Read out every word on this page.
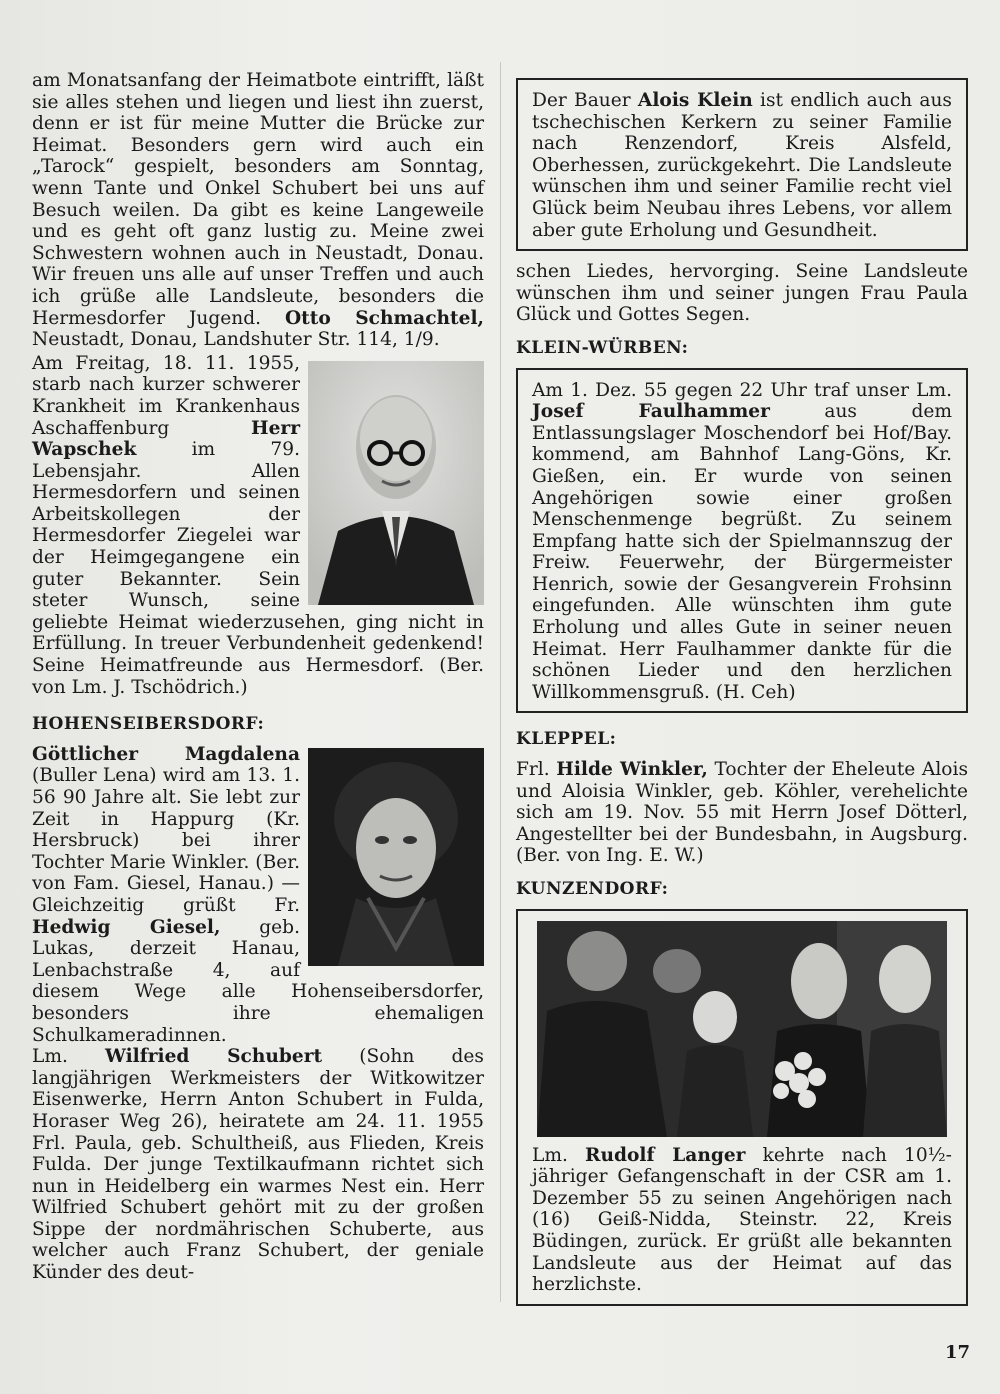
am Monatsanfang der Heimatbote eintrifft, läßt sie alles stehen und liegen und liest ihn zuerst, denn er ist für meine Mutter die Brücke zur Heimat. Besonders gern wird auch ein „Tarock“ gespielt, besonders am Sonntag, wenn Tante und Onkel Schubert bei uns auf Besuch weilen. Da gibt es keine Langeweile und es geht oft ganz lustig zu. Meine zwei Schwestern wohnen auch in Neustadt, Donau. Wir freuen uns alle auf unser Treffen und auch ich grüße alle Landsleute, besonders die Hermesdorfer Jugend. Otto Schmachtel, Neustadt, Donau, Landshuter Str. 114, 1/9.

Am Freitag, 18. 11. 1955, starb nach kurzer schwerer Krankheit im Krankenhaus Aschaffenburg	Herr Wapschek	im 79. Lebensjahr. Allen Hermesdorfern und seinen Arbeitskollegen der Hermesdorfer Ziegelei war der Heimgegangene ein guter Bekannter. Sein steter Wunsch, seine geliebte Heimat wiederzusehen, ging nicht in Erfüllung. In treuer Verbundenheit gedenkend! Seine Heimatfreunde aus Hermesdorf. (Ber. von Lm. J. Tschödrich.)

HOHENSEIBERSDORF:

Göttlicher Magdalena (Buller Lena) wird am 13. 1. 56 90 Jahre alt. Sie lebt zur Zeit in Happurg (Kr. Hersbruck) bei ihrer Tochter Marie Winkler. (Ber. von Fam. Giesel, Hanau.) — Gleichzeitig grüßt Fr. Hedwig Giesel, geb. Lukas, derzeit Hanau, Lenbachstraße 4, auf diesem Wege alle Hohenseibersdorfer, besonders ihre ehemaligen Schulkameradinnen.

Lm. Wilfried Schubert (Sohn des langjährigen Werkmeisters der Witkowitzer Eisenwerke, Herrn Anton Schubert in Fulda, Horaser Weg 26), heiratete am 24. 11. 1955 Frl. Paula, geb. Schultheiß, aus Flieden, Kreis Fulda. Der junge Textilkaufmann richtet sich nun in Heidelberg ein warmes Nest ein. Herr Wilfried Schubert gehört mit zu der großen Sippe der nordmährischen Schuberte, aus welcher auch Franz Schubert, der geniale Künder des deut-

Der Bauer Alois Klein ist endlich auch aus tschechischen Kerkern zu seiner Familie nach Renzendorf, Kreis Alsfeld, Oberhessen, zurückgekehrt. Die Landsleute wünschen ihm und seiner Familie recht viel Glück beim Neubau ihres Lebens, vor allem aber gute Erholung und Gesundheit.

schen Liedes, hervorging. Seine Landsleute wünschen ihm und seiner jungen Frau Paula Glück und Gottes Segen.

KLEIN-WÜRBEN:

Am 1. Dez. 55 gegen 22 Uhr traf unser Lm. Josef Faulhammer	aus dem Entlassungslager Moschendorf bei Hof/Bay. kommend, am Bahnhof Lang-Göns, Kr. Gießen, ein. Er wurde von seinen Angehörigen sowie einer großen Menschenmenge begrüßt. Zu seinem Empfang hatte sich der Spielmannszug der Freiw. Feuerwehr, der Bürgermeister Henrich, sowie der Gesangverein Frohsinn eingefunden. Alle wünschten ihm gute Erholung und alles Gute in seiner neuen Heimat. Herr Faulhammer dankte für die schönen Lieder und den herzlichen Willkommensgruß. (H. Ceh)

KLEPPEL:

Frl. Hilde Winkler, Tochter der Eheleute Alois und Aloisia Winkler, geb. Köhler, verehelichte sich am 19. Nov. 55 mit Herrn Josef Dötterl, Angestellter bei der Bundesbahn, in Augsburg. (Ber. von Ing. E. W.)

KUNZENDORF:

Lm. Rudolf Langer kehrte nach 10½-jähriger Gefangenschaft in der CSR am 1. Dezember 55 zu seinen Angehörigen nach (16) Geiß-Nidda, Steinstr. 22, Kreis Büdingen, zurück. Er grüßt alle bekannten Landsleute aus der Heimat auf das herzlichste.

17
